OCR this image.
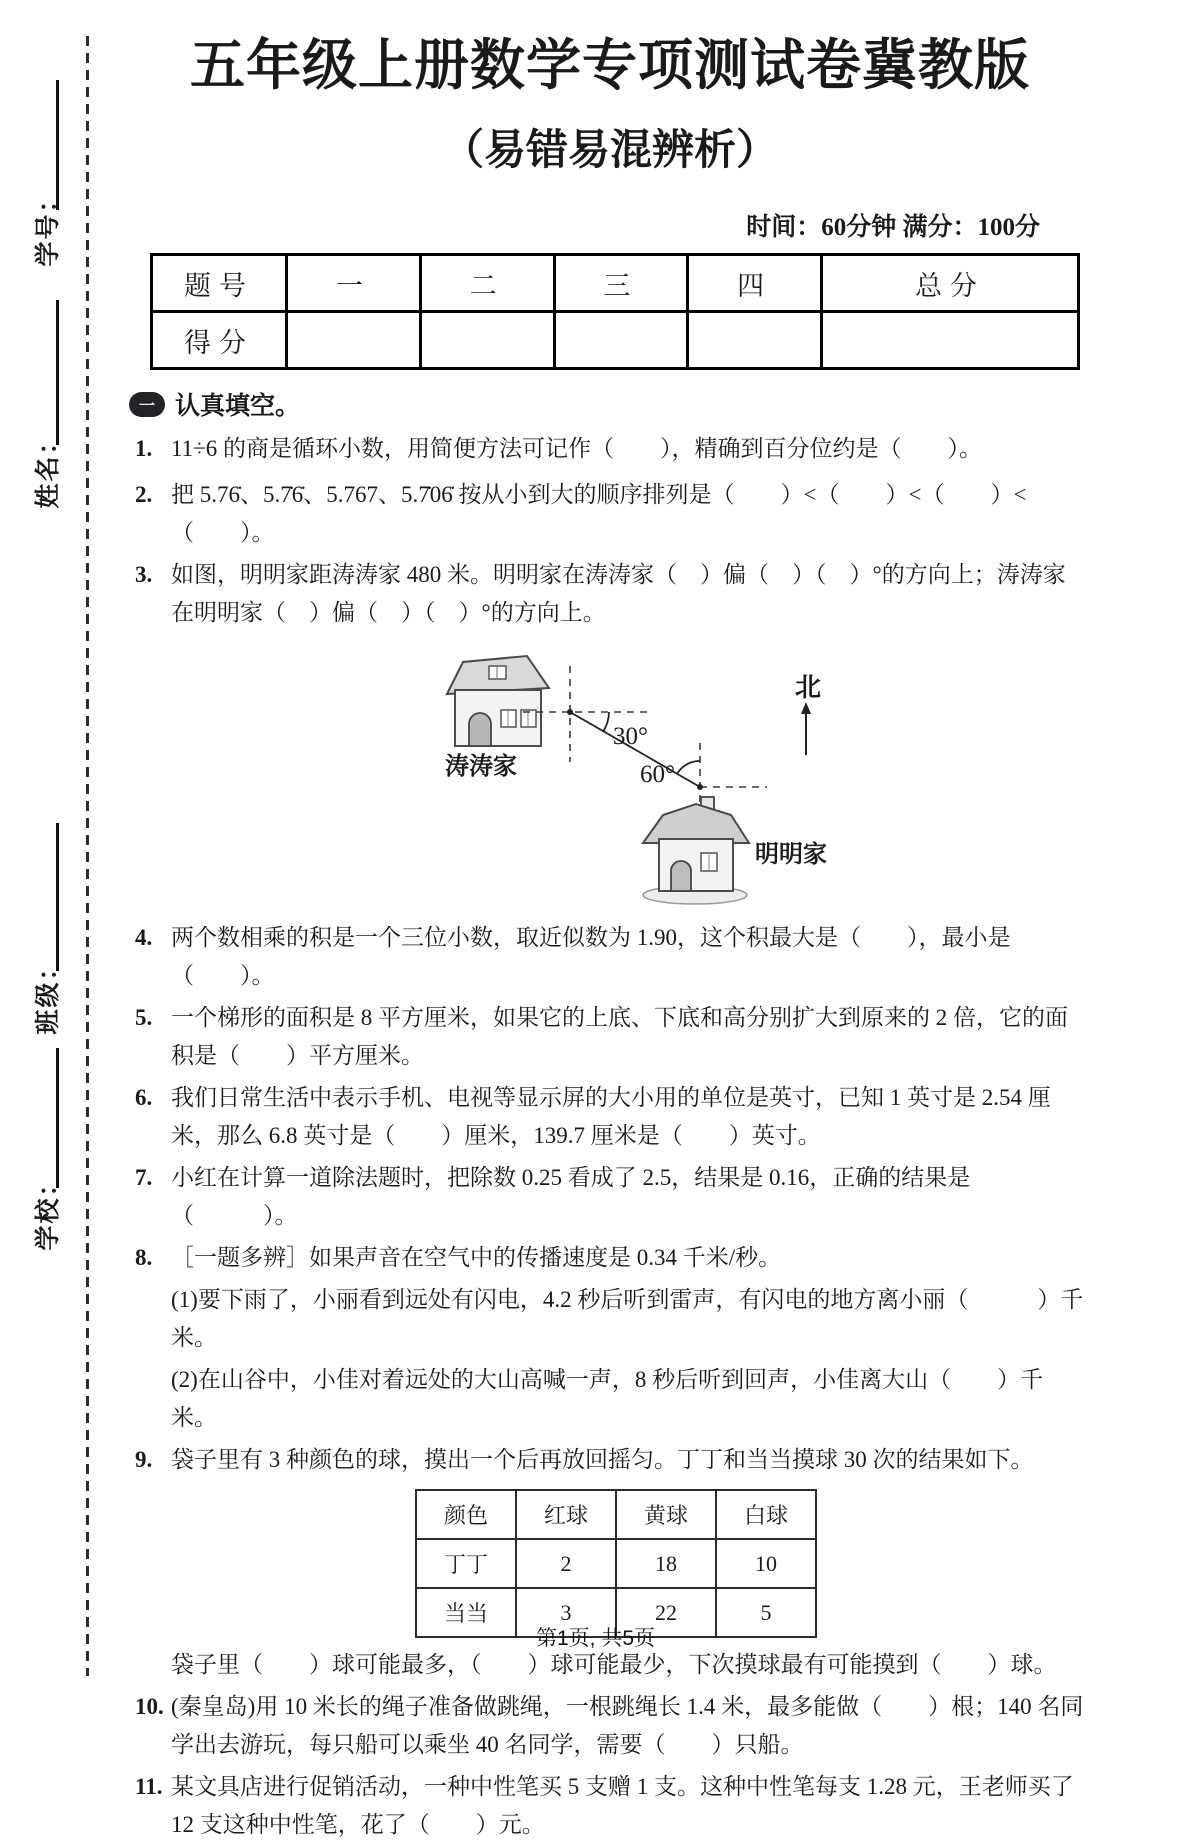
学号：
姓名：
班级：
学校：
五年级上册数学专项测试卷冀教版
（易错易混辨析）
时间：60分钟 满分：100分
题号	一	二	三	四	总分
得分					
一 认真填空。
1. 11÷6 的商是循环小数，用简便方法可记作（　　），精确到百分位约是（　　）。
2. 把 5.76̇、5.7̇6̇、5.767、5.7̇06̇ 按从小到大的顺序排列是（　　）<（　　）<（　　）<（　　）。
3. 如图，明明家距涛涛家 480 米。明明家在涛涛家（　）偏（　）（　）°的方向上；涛涛家在明明家（　）偏（　）（　）°的方向上。
涛涛家
30°
60°
北
明明家
4. 两个数相乘的积是一个三位小数，取近似数为 1.90，这个积最大是（　　），最小是（　　）。
5. 一个梯形的面积是 8 平方厘米，如果它的上底、下底和高分别扩大到原来的 2 倍，它的面积是（　　）平方厘米。
6. 我们日常生活中表示手机、电视等显示屏的大小用的单位是英寸，已知 1 英寸是 2.54 厘米，那么 6.8 英寸是（　　）厘米，139.7 厘米是（　　）英寸。
7. 小红在计算一道除法题时，把除数 0.25 看成了 2.5，结果是 0.16，正确的结果是（　　　）。
8. ［一题多辨］如果声音在空气中的传播速度是 0.34 千米/秒。
(1)要下雨了，小丽看到远处有闪电，4.2 秒后听到雷声，有闪电的地方离小丽（　　　）千米。
(2)在山谷中，小佳对着远处的大山高喊一声，8 秒后听到回声，小佳离大山（　　）千米。
9. 袋子里有 3 种颜色的球，摸出一个后再放回摇匀。丁丁和当当摸球 30 次的结果如下。
颜色	红球	黄球	白球
丁丁	2	18	10
当当	3	22	5
袋子里（　　）球可能最多，（　　）球可能最少，下次摸球最有可能摸到（　　）球。
10. (秦皇岛)用 10 米长的绳子准备做跳绳，一根跳绳长 1.4 米，最多能做（　　）根；140 名同学出去游玩，每只船可以乘坐 40 名同学，需要（　　）只船。
11. 某文具店进行促销活动，一种中性笔买 5 支赠 1 支。这种中性笔每支 1.28 元，王老师买了 12 支这种中性笔，花了（　　）元。
第1页, 共5页
